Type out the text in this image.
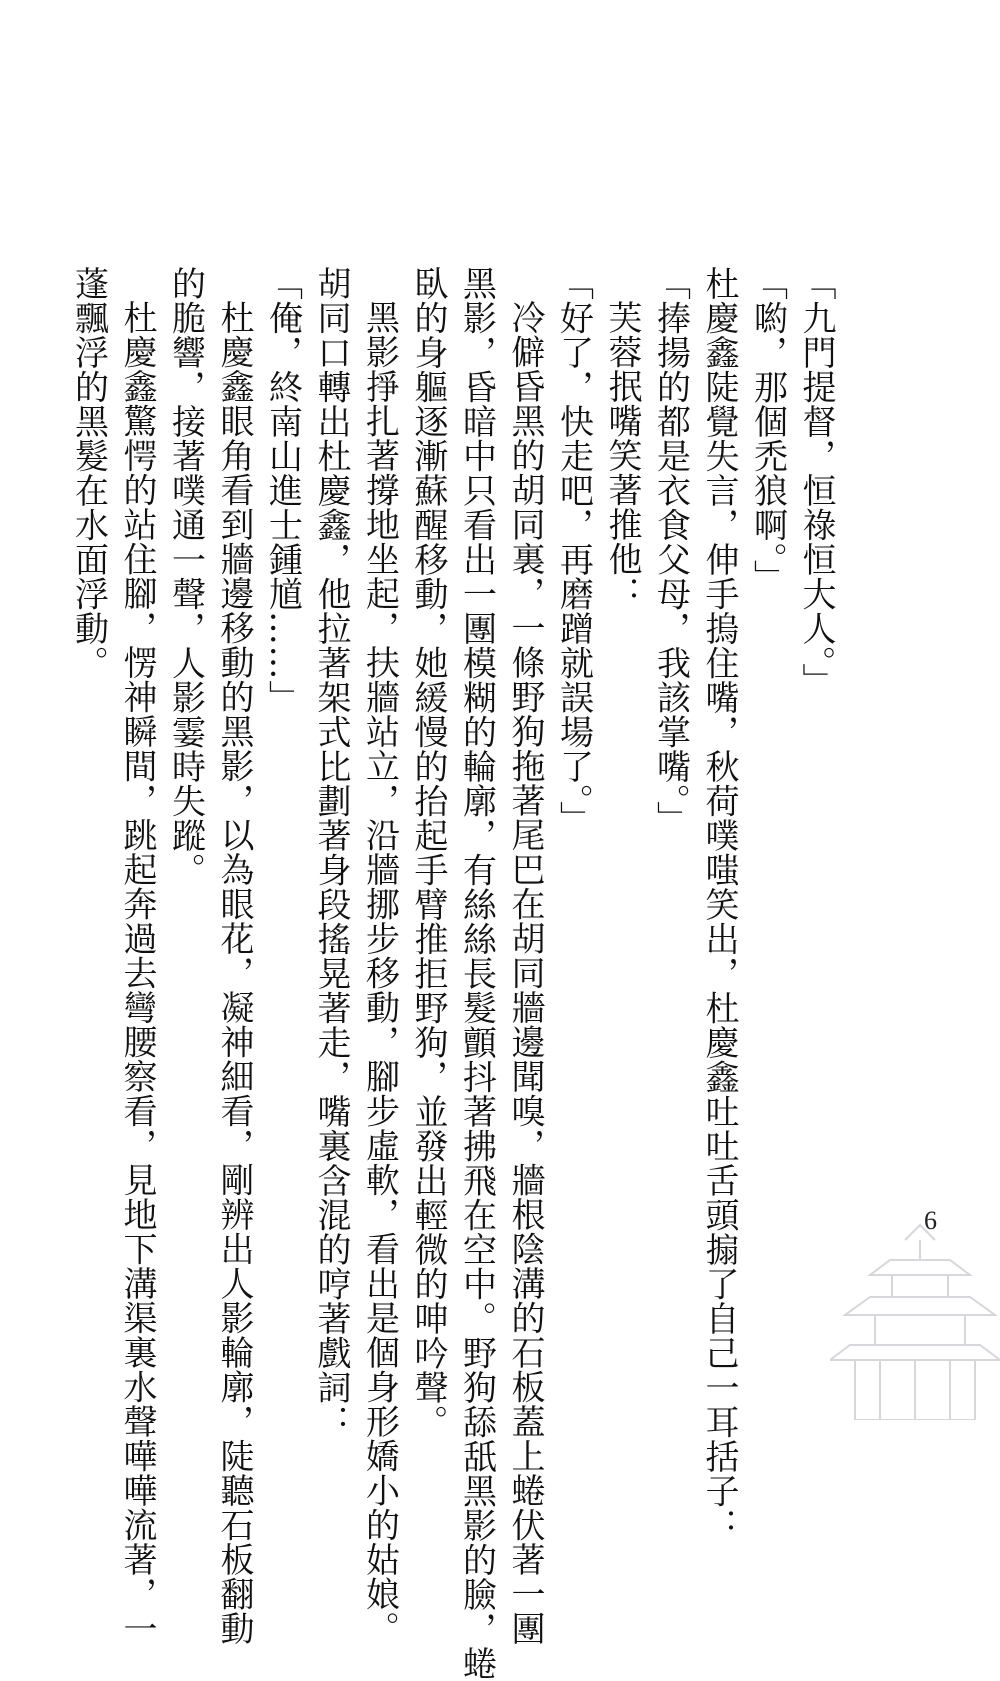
「九門提督，恒祿恒大人。」
「喲，那個禿狼啊。」
杜慶鑫陡覺失言，伸手摀住嘴，秋荷噗嗤笑出，杜慶鑫吐吐舌頭搧了自己一耳括子：
「捧揚的都是衣食父母，我該掌嘴。」
芙蓉抿嘴笑著推他：
「好了，快走吧，再磨蹭就誤場了。」
冷僻昏黑的胡同裏，一條野狗拖著尾巴在胡同牆邊聞嗅，牆根陰溝的石板蓋上蜷伏著一團
黑影，昏暗中只看出一團模糊的輪廓，有絲絲長髮顫抖著拂飛在空中。野狗舔舐黑影的臉，蜷
臥的身軀逐漸蘇醒移動，她緩慢的抬起手臂推拒野狗，並發出輕微的呻吟聲。
黑影掙扎著撐地坐起，扶牆站立，沿牆挪步移動，腳步虛軟，看出是個身形嬌小的姑娘。
胡同口轉出杜慶鑫，他拉著架式比劃著身段搖晃著走，嘴裏含混的哼著戲詞：
「俺，終南山進士鍾馗……」
杜慶鑫眼角看到牆邊移動的黑影，以為眼花，凝神細看，剛辨出人影輪廓，陡聽石板翻動
的脆響，接著噗通一聲，人影霎時失蹤。
杜慶鑫驚愕的站住腳，愣神瞬間，跳起奔過去彎腰察看，見地下溝渠裏水聲嘩嘩流著，一
蓬飄浮的黑髮在水面浮動。
6
